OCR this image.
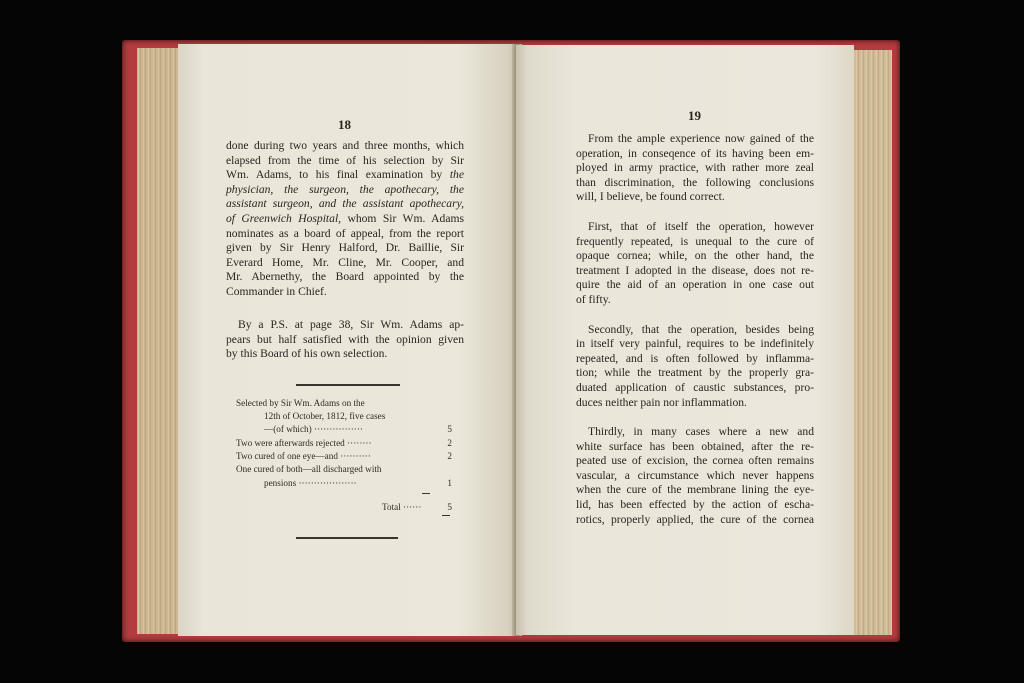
18
done during two years and three months, which
elapsed from the time of his selection by Sir
Wm. Adams, to his final examination by the
physician, the surgeon, the apothecary, the
assistant surgeon, and the assistant apothecary,
of Greenwich Hospital, whom Sir Wm. Adams
nominates as a board of appeal, from the report
given by Sir Henry Halford, Dr. Baillie, Sir
Everard Home, Mr. Cline, Mr. Cooper, and
Mr. Abernethy, the Board appointed by the
Commander in Chief.
By a P.S. at page 38, Sir Wm. Adams ap-
pears but half satisfied with the opinion given
by this Board of his own selection.
Selected by Sir Wm. Adams on the
12th of October, 1812, five cases
—(of which) ················	5
Two were afterwards rejected ········	2
Two cured of one eye—and ··········	2
One cured of both—all discharged with
pensions ···················	1
Total ······	5
19
From the ample experience now gained of the
operation, in conseqence of its having been em-
ployed in army practice, with rather more zeal
than discrimination, the following conclusions
will, I believe, be found correct.
First, that of itself the operation, however
frequently repeated, is unequal to the cure of
opaque cornea; while, on the other hand, the
treatment I adopted in the disease, does not re-
quire the aid of an operation in one case out
of fifty.
Secondly, that the operation, besides being
in itself very painful, requires to be indefinitely
repeated, and is often followed by inflamma-
tion; while the treatment by the properly gra-
duated application of caustic substances, pro-
duces neither pain nor inflammation.
Thirdly, in many cases where a new and
white surface has been obtained, after the re-
peated use of excision, the cornea often remains
vascular, a circumstance which never happens
when the cure of the membrane lining the eye-
lid, has been effected by the action of escha-
rotics, properly applied, the cure of the cornea
